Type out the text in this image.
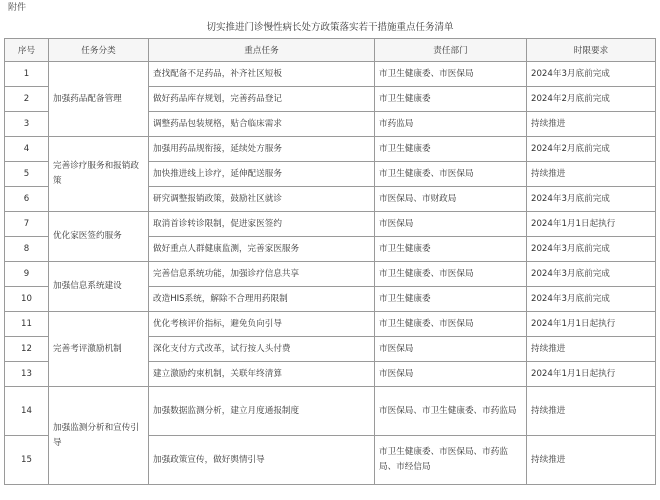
附件
切实推进门诊慢性病长处方政策落实若干措施重点任务清单
序号	任务分类	重点任务	责任部门	时限要求
1	加强药品配备管理	查找配备不足药品，补齐社区短板	市卫生健康委、市医保局	2024年3月底前完成
2		做好药品库存规划，完善药品登记	市卫生健康委	2024年2月底前完成
3		调整药品包装规格，贴合临床需求	市药监局	持续推进
4	完善诊疗服务和报销政策	加强用药品规衔接，延续处方服务	市卫生健康委	2024年2月底前完成
5		加快推进线上诊疗，延伸配送服务	市卫生健康委、市医保局	持续推进
6		研究调整报销政策，鼓励社区就诊	市医保局、市财政局	2024年3月底前完成
7	优化家医签约服务	取消首诊转诊限制，促进家医签约	市医保局	2024年1月1日起执行
8		做好重点人群健康监测，完善家医服务	市卫生健康委	2024年3月底前完成
9	加强信息系统建设	完善信息系统功能，加强诊疗信息共享	市卫生健康委、市医保局	2024年3月底前完成
10		改造HIS系统，解除不合理用药限制	市卫生健康委	2024年3月底前完成
11	完善考评激励机制	优化考核评价指标，避免负向引导	市卫生健康委、市医保局	2024年1月1日起执行
12		深化支付方式改革，试行按人头付费	市医保局	持续推进
13		建立激励约束机制，关联年终清算	市医保局	2024年1月1日起执行
14	加强监测分析和宣传引导	加强数据监测分析，建立月度通报制度	市医保局、市卫生健康委、市药监局	持续推进
15		加强政策宣传，做好舆情引导	市卫生健康委、市医保局、市药监局、市经信局	持续推进
